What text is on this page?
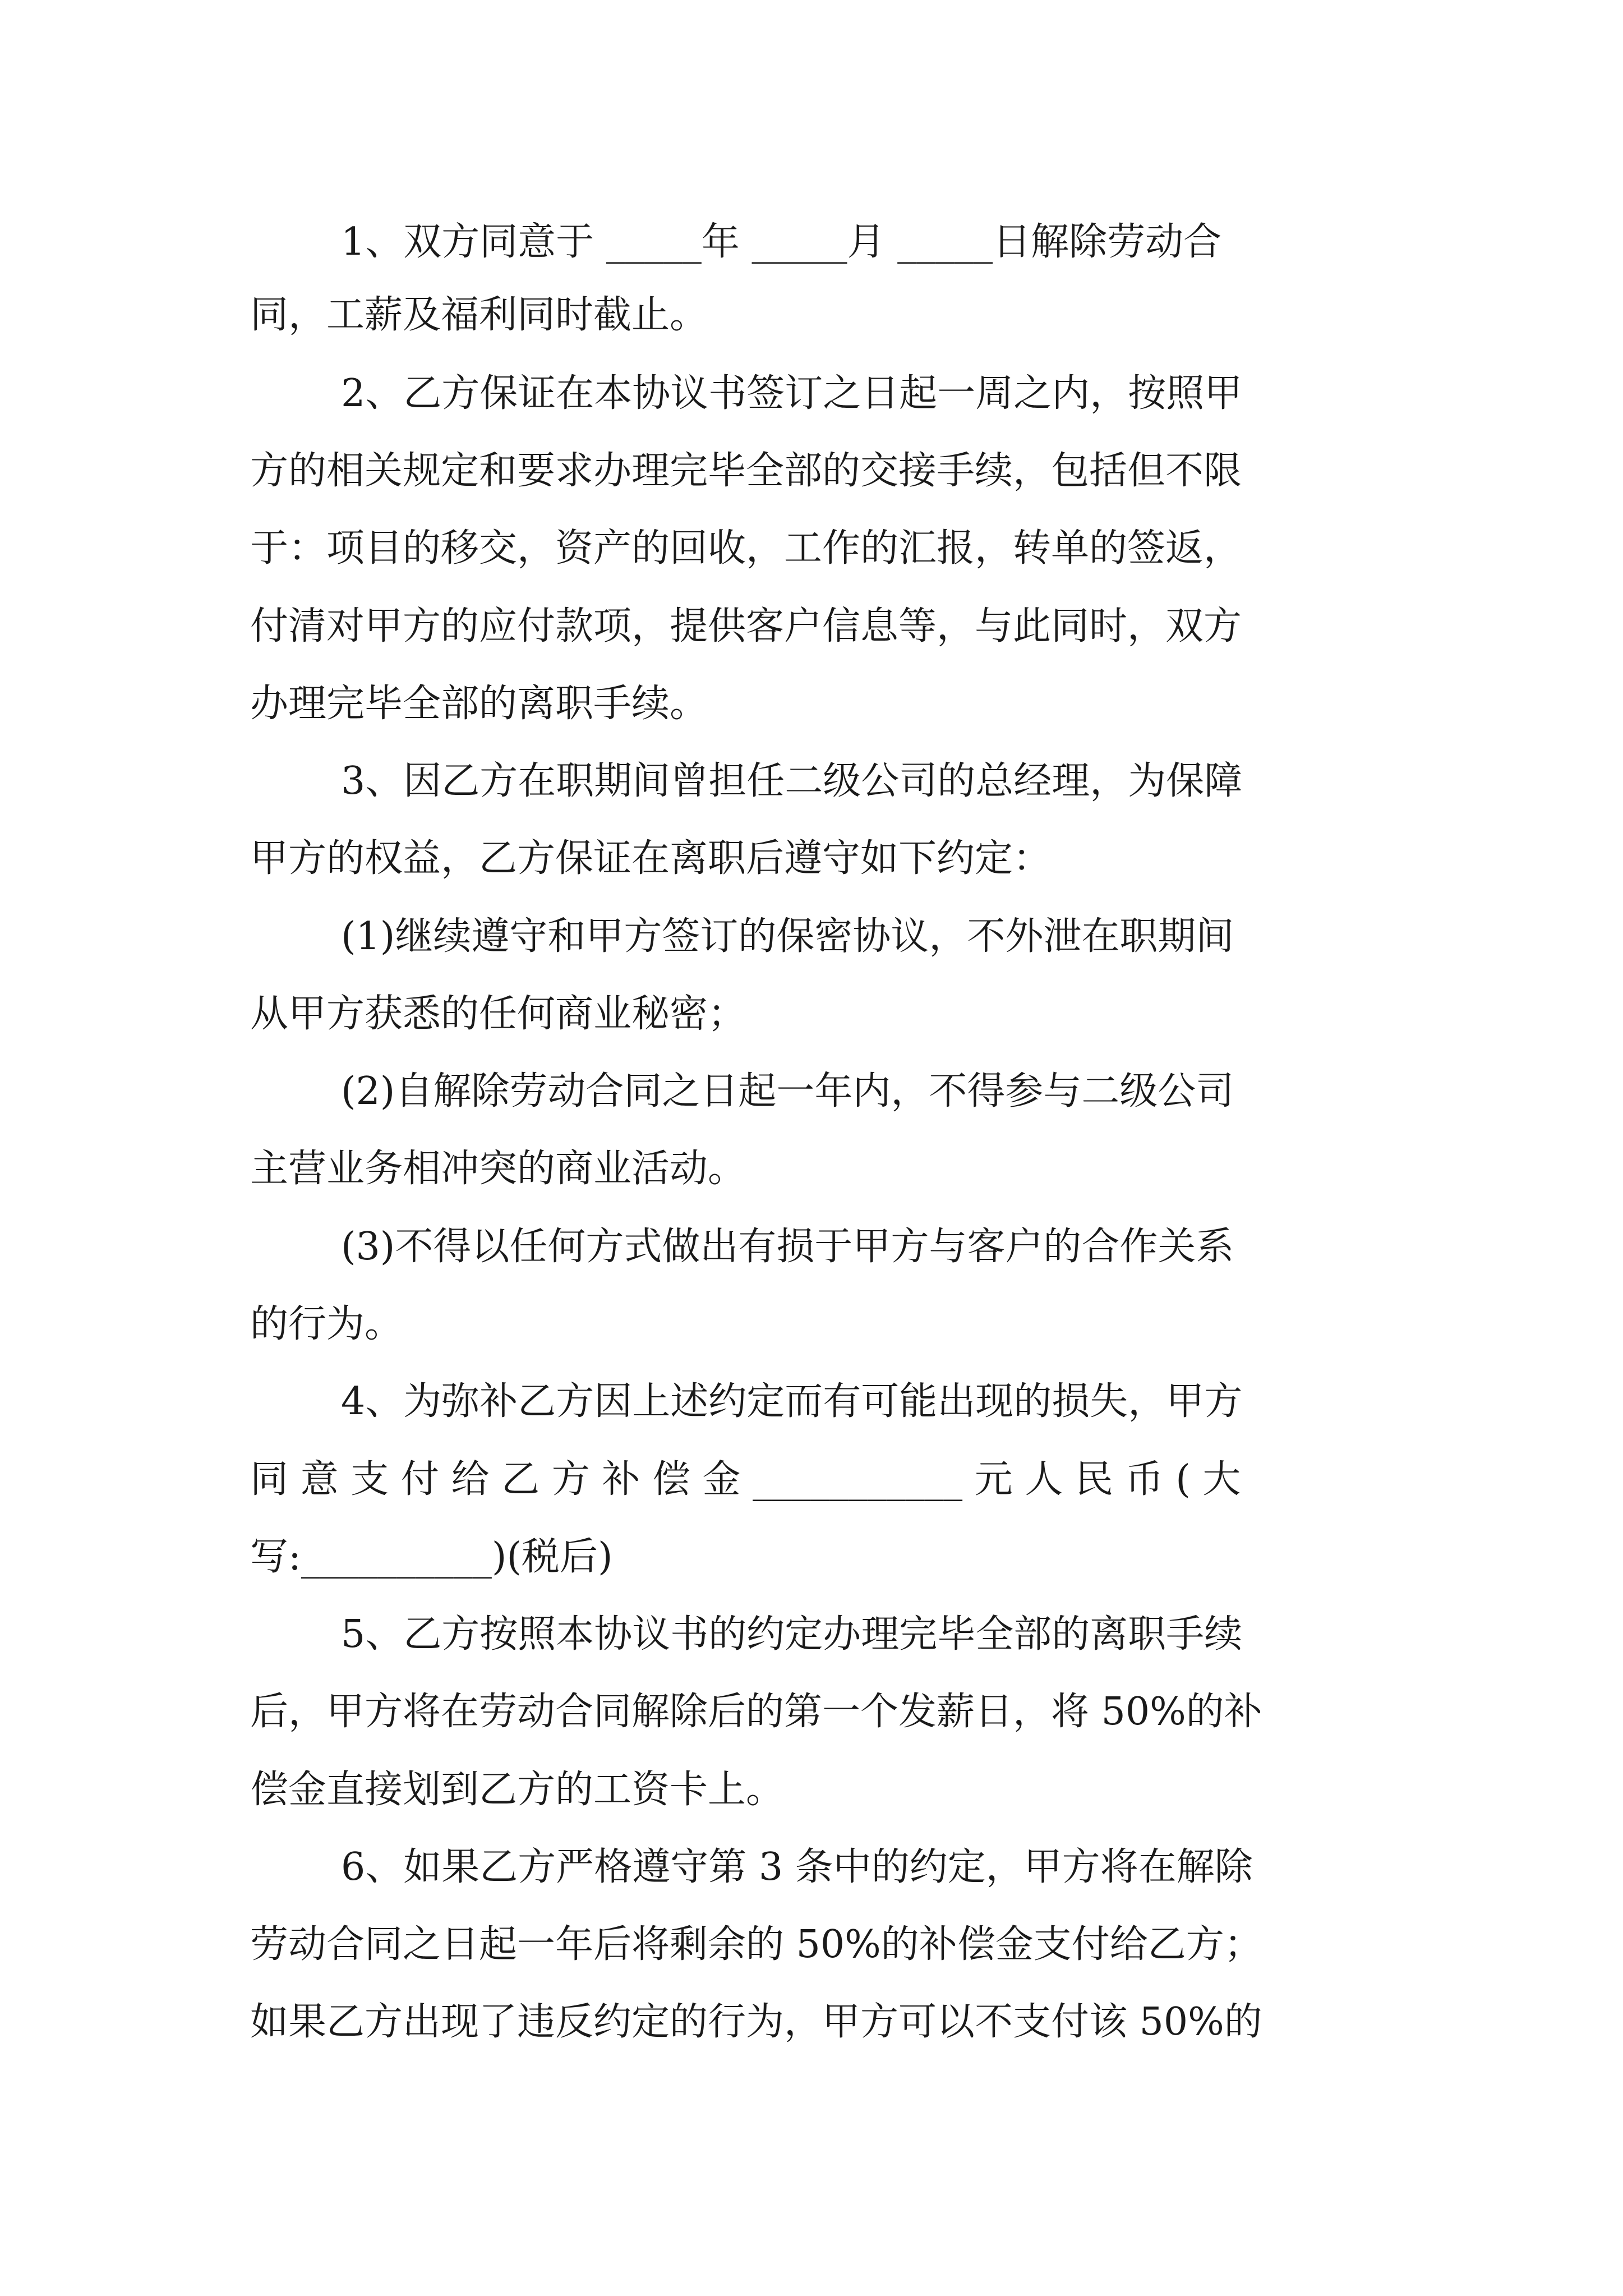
1、双方同意于 _____年 _____月 _____日解除劳动合
同，工薪及福利同时截止。
2、乙方保证在本协议书签订之日起一周之内，按照甲
方的相关规定和要求办理完毕全部的交接手续，包括但不限
于：项目的移交，资产的回收，工作的汇报，转单的签返，
付清对甲方的应付款项，提供客户信息等，与此同时，双方
办理完毕全部的离职手续。
3、因乙方在职期间曾担任二级公司的总经理，为保障
甲方的权益，乙方保证在离职后遵守如下约定：
(1)继续遵守和甲方签订的保密协议，不外泄在职期间
从甲方获悉的任何商业秘密；
(2)自解除劳动合同之日起一年内，不得参与二级公司
主营业务相冲突的商业活动。
(3)不得以任何方式做出有损于甲方与客户的合作关系
的行为。
4、为弥补乙方因上述约定而有可能出现的损失，甲方
同 意 支 付 给 乙 方 补 偿 金 ___________ 元 人 民 币 ( 大
写:__________)(税后)
5、乙方按照本协议书的约定办理完毕全部的离职手续
后，甲方将在劳动合同解除后的第一个发薪日，将 50%的补
偿金直接划到乙方的工资卡上。
6、如果乙方严格遵守第 3 条中的约定，甲方将在解除
劳动合同之日起一年后将剩余的 50%的补偿金支付给乙方；
如果乙方出现了违反约定的行为，甲方可以不支付该 50%的
